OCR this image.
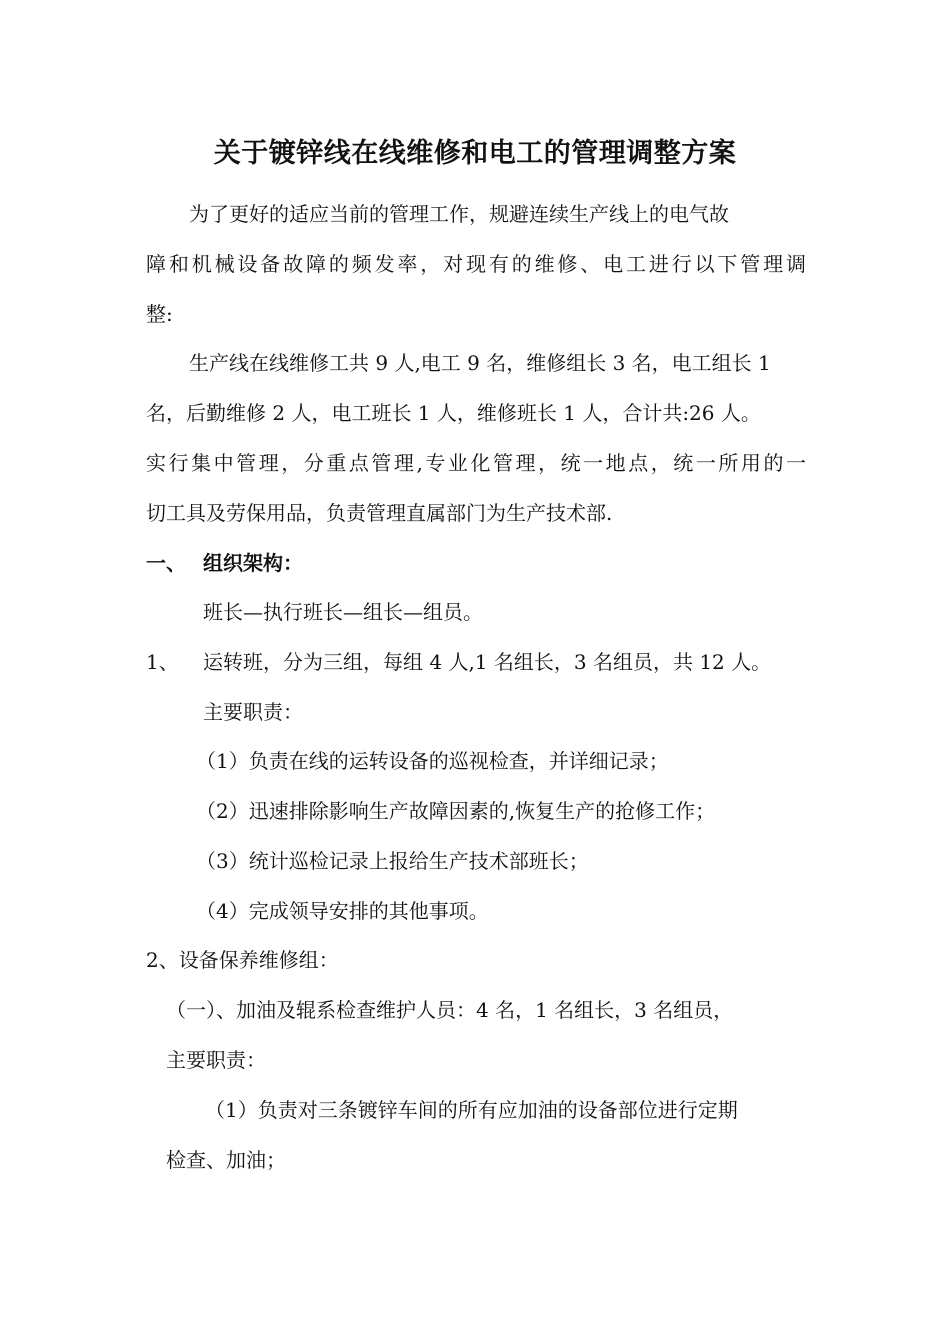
关于镀锌线在线维修和电工的管理调整方案
为了更好的适应当前的管理工作，规避连续生产线上的电气故
障和机械设备故障的频发率，对现有的维修、电工进行以下管理调
整:
生产线在线维修工共 9 人,电工 9 名，维修组长 3 名，电工组长 1
名，后勤维修 2 人，电工班长 1 人，维修班长 1 人，合计共:26 人。
实行集中管理，分重点管理,专业化管理，统一地点，统一所用的一
切工具及劳保用品，负责管理直属部门为生产技术部.
一、 组织架构：
班长—执行班长—组长—组员。
1、 运转班，分为三组，每组 4 人,1 名组长，3 名组员，共 12 人。
主要职责：
（1）负责在线的运转设备的巡视检查，并详细记录；
（2）迅速排除影响生产故障因素的,恢复生产的抢修工作；
（3）统计巡检记录上报给生产技术部班长；
（4）完成领导安排的其他事项。
2、设备保养维修组：
（一）、加油及辊系检查维护人员：4 名，1 名组长，3 名组员，
主要职责：
（1）负责对三条镀锌车间的所有应加油的设备部位进行定期
检查、加油；
